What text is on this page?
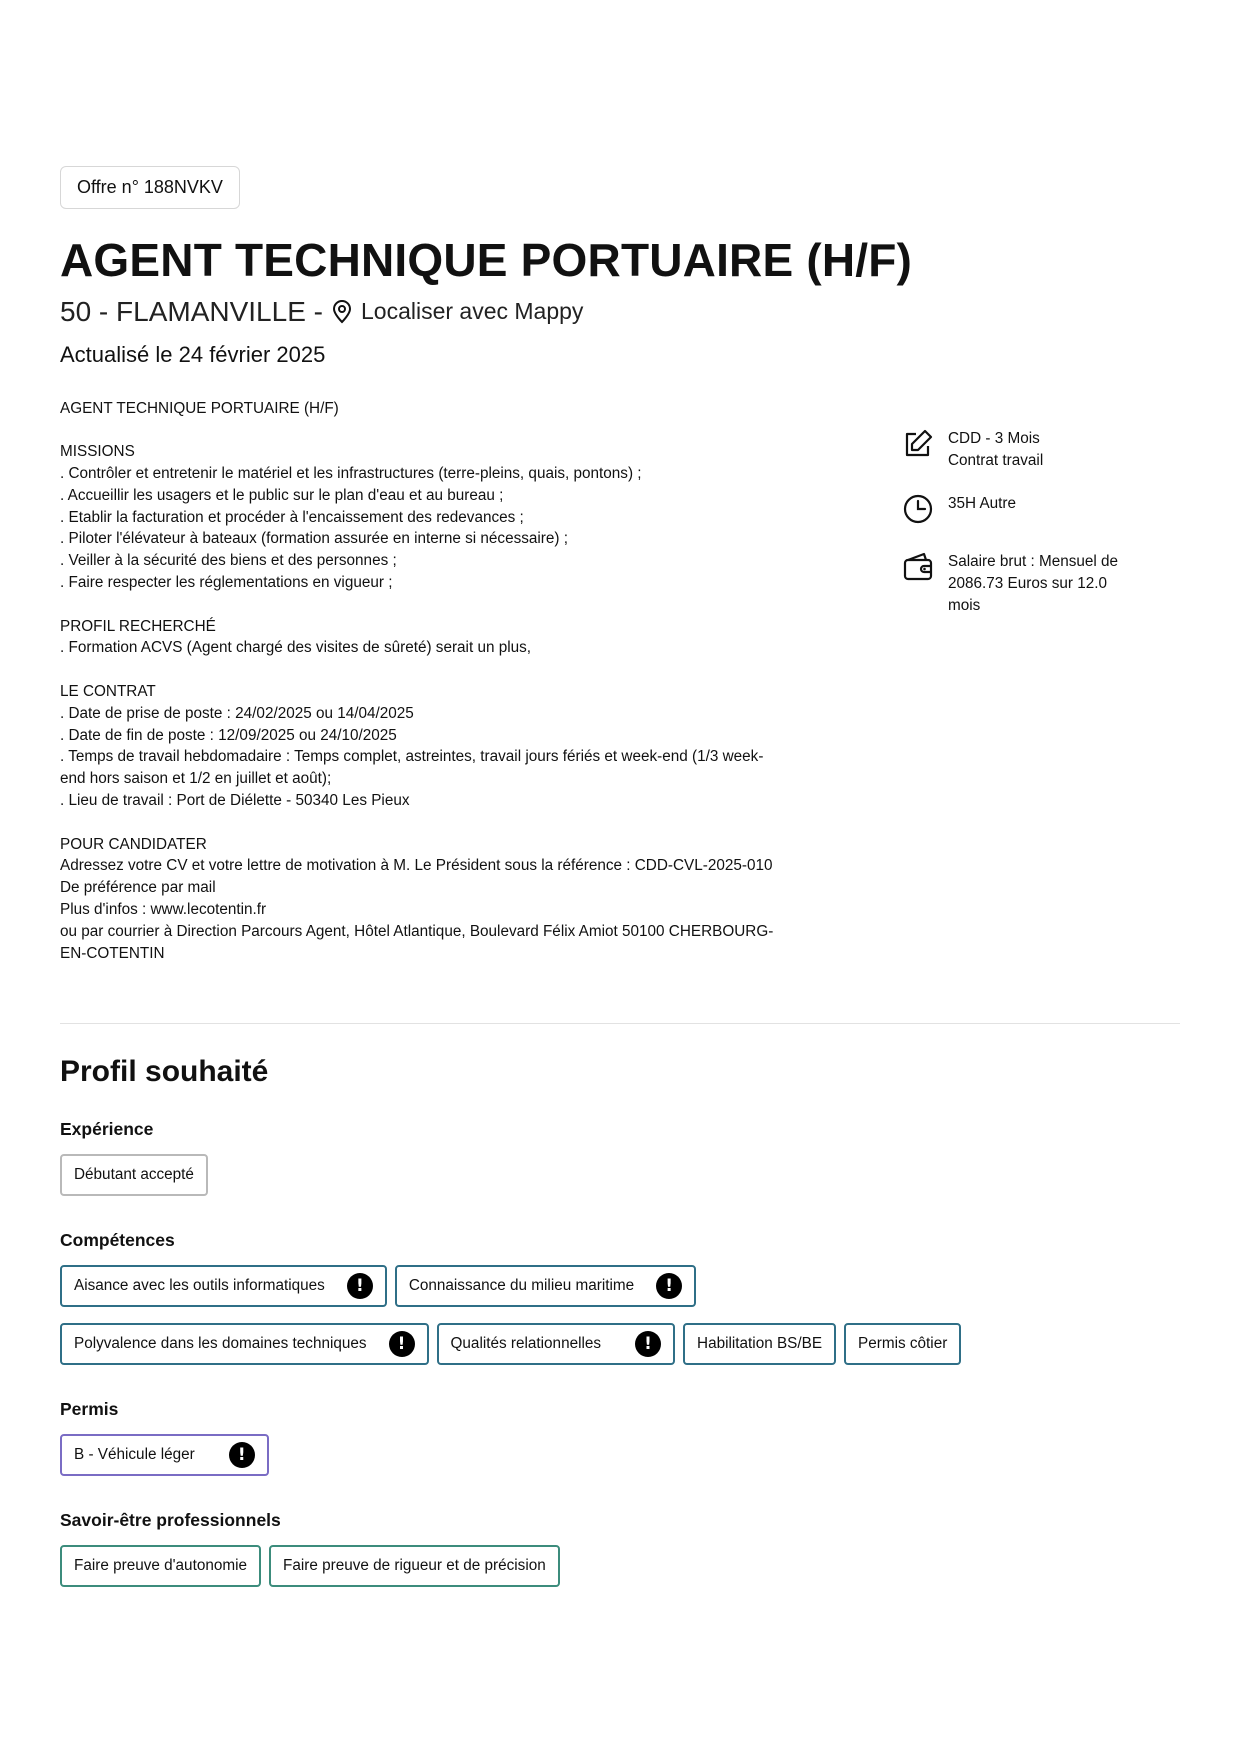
Offre n° 188NVKV
AGENT TECHNIQUE PORTUAIRE (H/F)
50 - FLAMANVILLE - Localiser avec Mappy
Actualisé le 24 février 2025

AGENT TECHNIQUE PORTUAIRE (H/F)

MISSIONS

. Contrôler et entretenir le matériel et les infrastructures (terre-pleins, quais, pontons) ;

. Accueillir les usagers et le public sur le plan d'eau et au bureau ;

. Etablir la facturation et procéder à l'encaissement des redevances ;

. Piloter l'élévateur à bateaux (formation assurée en interne si nécessaire) ;

. Veiller à la sécurité des biens et des personnes ;

. Faire respecter les réglementations en vigueur ;

PROFIL RECHERCHÉ

. Formation ACVS (Agent chargé des visites de sûreté) serait un plus,

LE CONTRAT

. Date de prise de poste : 24/02/2025 ou 14/04/2025

. Date de fin de poste : 12/09/2025 ou 24/10/2025

. Temps de travail hebdomadaire : Temps complet, astreintes, travail jours fériés et week-end (1/3 week-

end hors saison et 1/2 en juillet et août);

. Lieu de travail : Port de Diélette - 50340 Les Pieux

POUR CANDIDATER

Adressez votre CV et votre lettre de motivation à M. Le Président sous la référence : CDD-CVL-2025-010

De préférence par mail

Plus d'infos : www.lecotentin.fr

ou par courrier à Direction Parcours Agent, Hôtel Atlantique, Boulevard Félix Amiot 50100 CHERBOURG-

EN-COTENTIN

CDD - 3 Mois
Contrat travail
35H Autre
Salaire brut : Mensuel de
2086.73 Euros sur 12.0
mois
Profil souhaité
Expérience
Débutant accepté
Compétences
Aisance avec les outils informatiques	!	Connaissance du milieu maritime	!
Polyvalence dans les domaines techniques	!	Qualités relationnelles	!	Habilitation BS/BE Permis côtier
Permis
B - Véhicule léger	!
Savoir-être professionnels
Faire preuve d'autonomie	Faire preuve de rigueur et de précision
